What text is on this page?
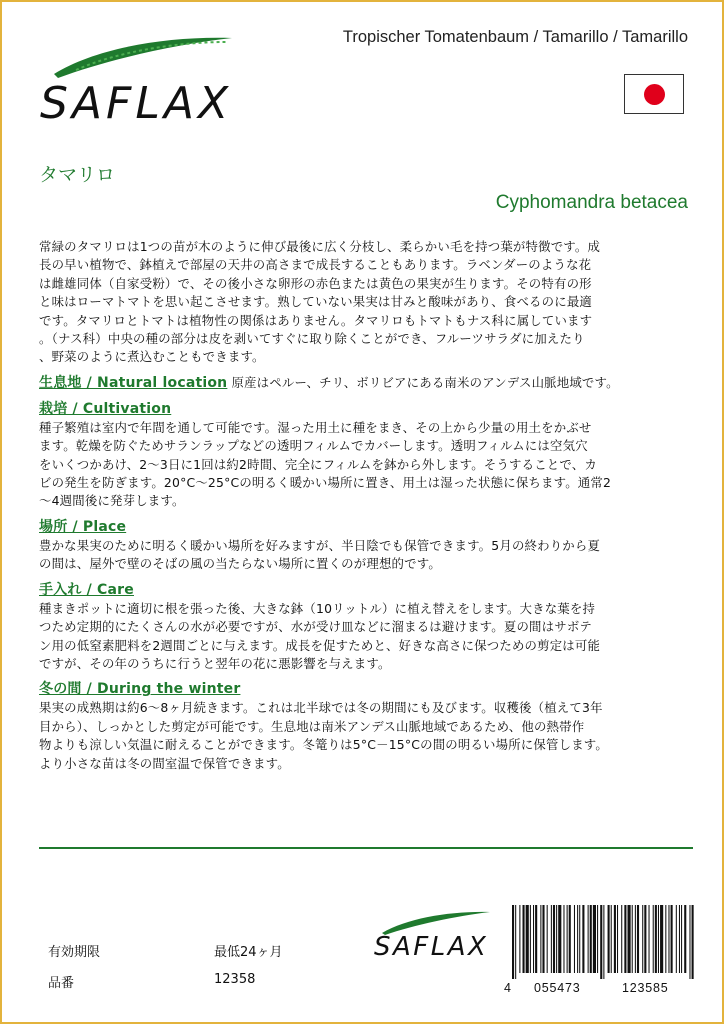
SAFLAX
Tropischer Tomatenbaum / Tamarillo / Tamarillo
タマリロ
Cyphomandra betacea
常緑のタマリロは1つの苗が木のように伸び最後に広く分枝し、柔らかい毛を持つ葉が特徴です。成
長の早い植物で、鉢植えで部屋の天井の高さまで成長することもあります。ラベンダーのような花
は雌雄同体（自家受粉）で、その後小さな卵形の赤色または黄色の果実が生ります。その特有の形
と味はローマトマトを思い起こさせます。熟していない果実は甘みと酸味があり、食べるのに最適
です。タマリロとトマトは植物性の関係はありません。タマリロもトマトもナス科に属しています
。（ナス科）中央の種の部分は皮を剥いてすぐに取り除くことができ、フルーツサラダに加えたり
、野菜のように煮込むこともできます。
生息地 / Natural location 原産はペルー、チリ、ボリビアにある南米のアンデス山脈地域です。
栽培 / Cultivation
種子繁殖は室内で年間を通して可能です。湿った用土に種をまき、その上から少量の用土をかぶせ
ます。乾燥を防ぐためサランラップなどの透明フィルムでカバーします。透明フィルムには空気穴
をいくつかあけ、2～3日に1回は約2時間、完全にフィルムを鉢から外します。そうすることで、カ
ビの発生を防ぎます。20°C～25°Cの明るく暖かい場所に置き、用土は湿った状態に保ちます。通常2
～4週間後に発芽します。
場所 / Place
豊かな果実のために明るく暖かい場所を好みますが、半日陰でも保管できます。5月の終わりから夏
の間は、屋外で壁のそばの風の当たらない場所に置くのが理想的です。
手入れ / Care
種まきポットに適切に根を張った後、大きな鉢（10リットル）に植え替えをします。大きな葉を持
つため定期的にたくさんの水が必要ですが、水が受け皿などに溜まるは避けます。夏の間はサボテ
ン用の低窒素肥料を2週間ごとに与えます。成長を促すためと、好きな高さに保つための剪定は可能
ですが、その年のうちに行うと翌年の花に悪影響を与えます。
冬の間 / During the winter
果実の成熟期は約6～8ヶ月続きます。これは北半球では冬の期間にも及びます。収穫後（植えて3年
目から）、しっかとした剪定が可能です。生息地は南米アンデス山脈地域であるため、他の熱帯作
物よりも涼しい気温に耐えることができます。冬篭りは5°C－15°Cの間の明るい場所に保管します。
より小さな苗は冬の間室温で保管できます。
有効期限	最低24ヶ月
品番	12358
SAFLAX
4 055473	123585
